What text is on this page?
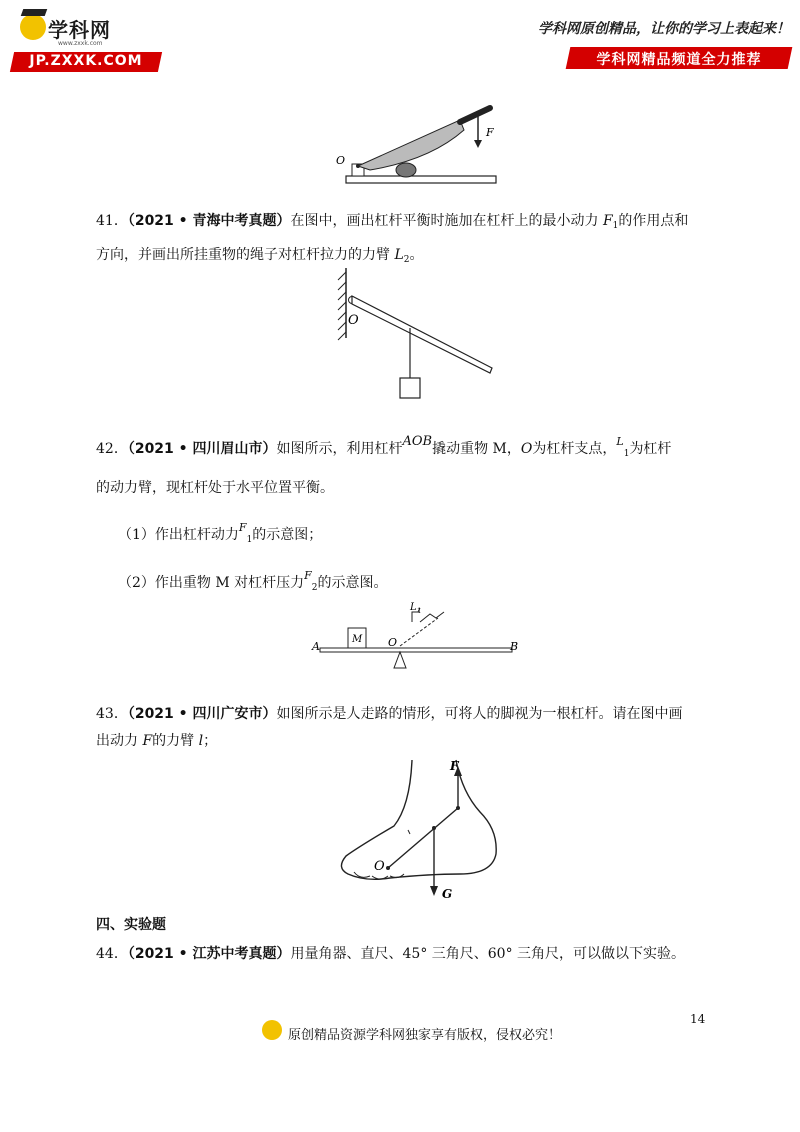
学科网
www.zxxk.com
JP.ZXXK.COM
学科网原创精品，让你的学习上表起来！
学科网精品频道全力推荐
O
F
41．（2021 • 青海中考真题）在图中，画出杠杆平衡时施加在杠杆上的最小动力 $F_1$的作用点和
方向，并画出所挂重物的绳子对杠杆拉力的力臂 $L_2$。
O
42．（2021 • 四川眉山市）如图所示，利用杠杆AOB撬动重物 M，O为杠杆支点，$^L_1$为杠杆
的动力臂，现杠杆处于水平位置平衡。
（1）作出杠杆动力$^F_1$的示意图；
（2）作出重物 M 对杠杆压力$^F_2$的示意图。
A
M O	B
L 1
43．（2021 • 四川广安市）如图所示是人走路的情形，可将人的脚视为一根杠杆。请在图中画
出动力 F的力臂 l；
F
O
G
四、实验题
44．（2021 • 江苏中考真题）用量角器、直尺、45° 三角尺、60° 三角尺，可以做以下实验。
14
原创精品资源学科网独家享有版权，侵权必究！
